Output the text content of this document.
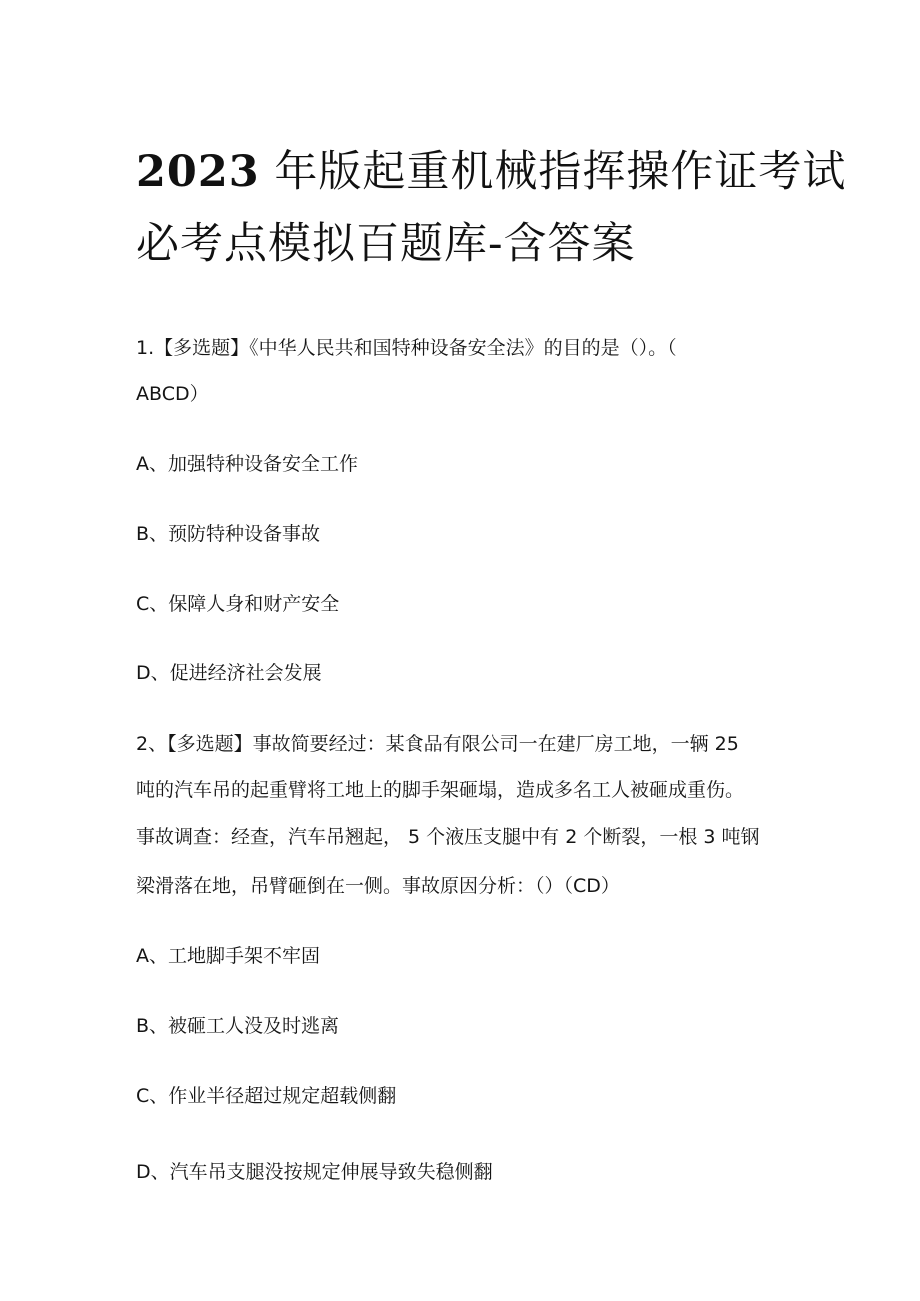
2023 年版起重机械指挥操作证考试
必考点模拟百题库-含答案
1.【多选题】《中华人民共和国特种设备安全法》的目的是（）。（
ABCD）
A、加强特种设备安全工作
B、预防特种设备事故
C、保障人身和财产安全
D、促进经济社会发展
2、【多选题】事故简要经过：某食品有限公司一在建厂房工地，一辆 25
吨的汽车吊的起重臂将工地上的脚手架砸塌，造成多名工人被砸成重伤。
事故调查：经查，汽车吊翘起， 5 个液压支腿中有 2 个断裂，一根 3 吨钢
梁滑落在地，吊臂砸倒在一侧。事故原因分析：（）（CD）
A、工地脚手架不牢固
B、被砸工人没及时逃离
C、作业半径超过规定超载侧翻
D、汽车吊支腿没按规定伸展导致失稳侧翻
